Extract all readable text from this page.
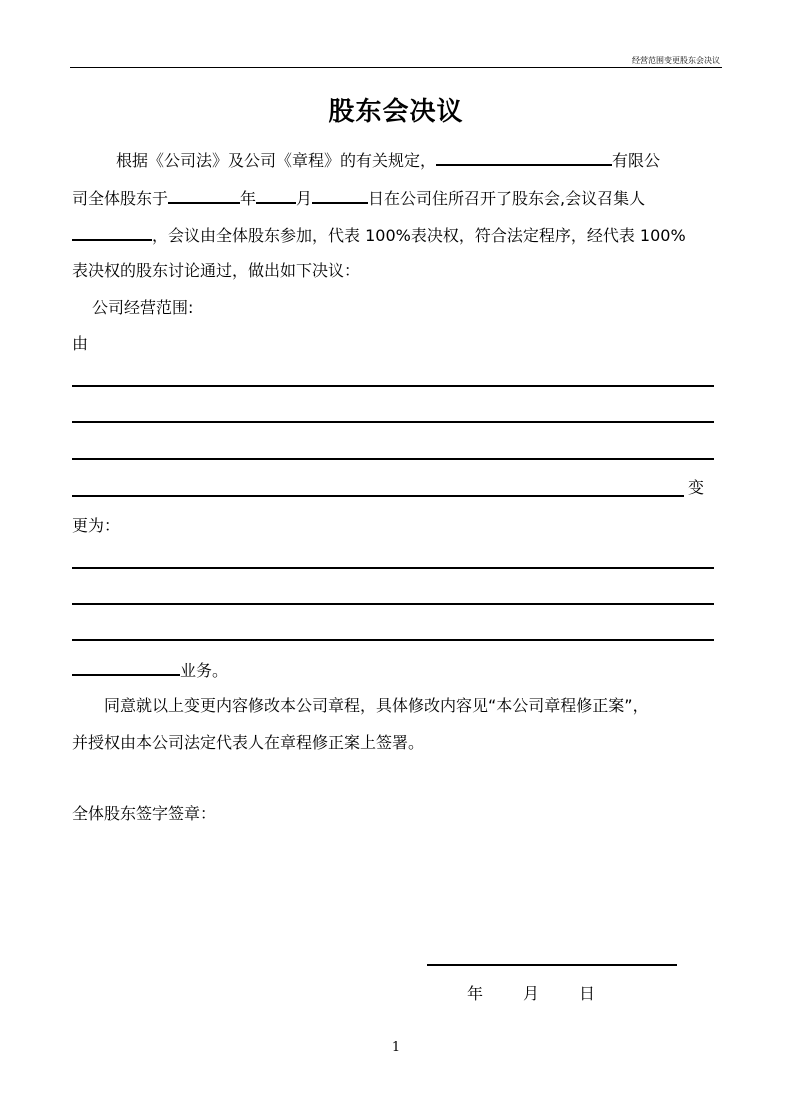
经营范围变更股东会决议
股东会决议
根据《公司法》及公司《章程》的有关规定，	有限公
司全体股东于	年	月	日在公司住所召开了股东会,会议召集人
，会议由全体股东参加，代表 100%表决权，符合法定程序，经代表 100%
表决权的股东讨论通过，做出如下决议：
公司经营范围:
由
变
更为：
业务。
同意就以上变更内容修改本公司章程，具体修改内容见“本公司章程修正案”，
并授权由本公司法定代表人在章程修正案上签署。
全体股东签字签章：
年 月 日
1
